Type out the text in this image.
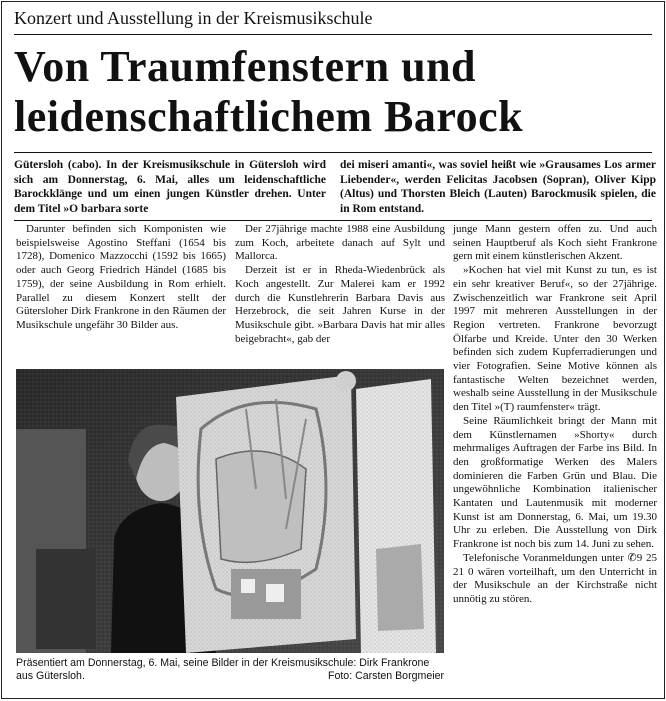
Konzert und Ausstellung in der Kreismusikschule
Von Traumfenstern und
leidenschaftlichem Barock
Gütersloh (cabo). In der Kreismusikschule in Gütersloh wird sich am Donnerstag, 6. Mai, alles um leidenschaftliche Barockklänge und um einen jungen Künstler drehen. Unter dem Titel »O barbara sorte
dei miseri amanti«, was soviel heißt wie »Grausames Los armer Liebender«, werden Felicitas Jacobsen (Sopran), Oliver Kipp (Altus) und Thorsten Bleich (Lauten) Barockmusik spielen, die in Rom entstand.

Darunter befinden sich Komponisten wie beispielsweise Agostino Steffani (1654 bis 1728), Domenico Mazzocchi (1592 bis 1665) oder auch Georg Friedrich Händel (1685 bis 1759), der seine Ausbildung in Rom erhielt. Parallel zu diesem Konzert stellt der Gütersloher Dirk Frankrone in den Räumen der Musikschule ungefähr 30 Bilder aus.

Der 27jährige machte 1988 eine Ausbildung zum Koch, arbeitete danach auf Sylt und Mallorca.

Derzeit ist er in Rheda-Wiedenbrück als Koch angestellt. Zur Malerei kam er 1992 durch die Kunstlehrerin Barbara Davis aus Herzebrock, die seit Jahren Kurse in der Musikschule gibt. »Barbara Davis hat mir alles beigebracht«, gab der

junge Mann gestern offen zu. Und auch seinen Hauptberuf als Koch sieht Frankrone gern mit einem künstlerischen Akzent.

»Kochen hat viel mit Kunst zu tun, es ist ein sehr kreativer Beruf«, so der 27jährige. Zwischenzeitlich war Frankrone seit April 1997 mit mehreren Ausstellungen in der Region vertreten. Frankrone bevorzugt Ölfarbe und Kreide. Unter den 30 Werken befinden sich zudem Kupferradierungen und vier Fotografien. Seine Motive können als fantastische Welten bezeichnet werden, weshalb seine Ausstellung in der Musikschule den Titel »(T) raumfenster« trägt.

Seine Räumlichkeit bringt der Mann mit dem Künstlernamen »Shorty« durch mehrmaliges Auftragen der Farbe ins Bild. In den großformatige Werken des Malers dominieren die Farben Grün und Blau. Die ungewöhnliche Kombination italienischer Kantaten und Lautenmusik mit moderner Kunst ist am Donnerstag, 6. Mai, um 19.30 Uhr zu erleben. Die Ausstellung von Dirk Frankrone ist noch bis zum 14. Juni zu sehen.

Telefonische Voranmeldungen unter ✆9 25 21 0 wären vorteilhaft, um den Unterricht in der Musikschule an der Kirchstraße nicht unnötig zu stören.

Präsentiert am Donnerstag, 6. Mai, seine Bilder in der Kreismusikschule: Dirk Frankrone aus Gütersloh.	Foto: Carsten Borgmeier
